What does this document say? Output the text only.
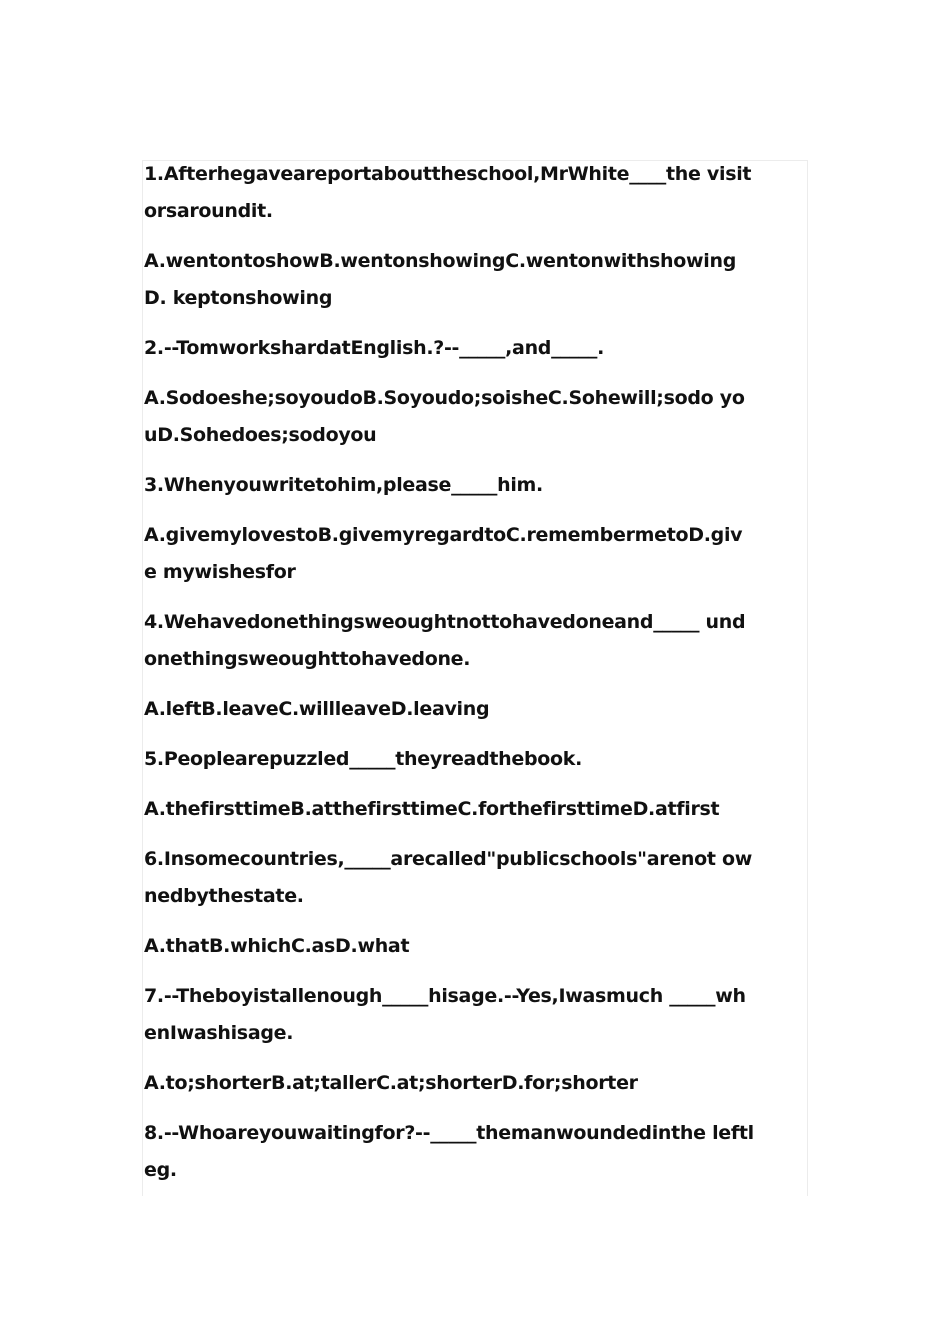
1.Afterhegaveareportabouttheschool,MrWhite____the visitorsaroundit.

A.wentontoshowB.wentonshowingC.wentonwithshowingD. keptonshowing

2.--TomworkshardatEnglish.?--_____,and_____.

A.Sodoeshe;soyoudoB.Soyoudo;soisheC.Sohewill;sodo youD.Sohedoes;sodoyou

3.Whenyouwritetohim,please_____him.

A.givemylovestoB.givemyregardtoC.remembermetoD.give mywishesfor

4.Wehavedonethingsweoughtnottohavedoneand_____ undonethingsweoughttohavedone.

A.leftB.leaveC.willleaveD.leaving

5.Peoplearepuzzled_____theyreadthebook.

A.thefirsttimeB.atthefirsttimeC.forthefirsttimeD.atfirst

6.Insomecountries,_____arecalled"publicschools"arenot ownedbythestate.

A.thatB.whichC.asD.what

7.--Theboyistallenough_____hisage.--Yes,Iwasmuch _____whenIwashisage.

A.to;shorterB.at;tallerC.at;shorterD.for;shorter

8.--Whoareyouwaitingfor?--_____themanwoundedinthe leftleg.
